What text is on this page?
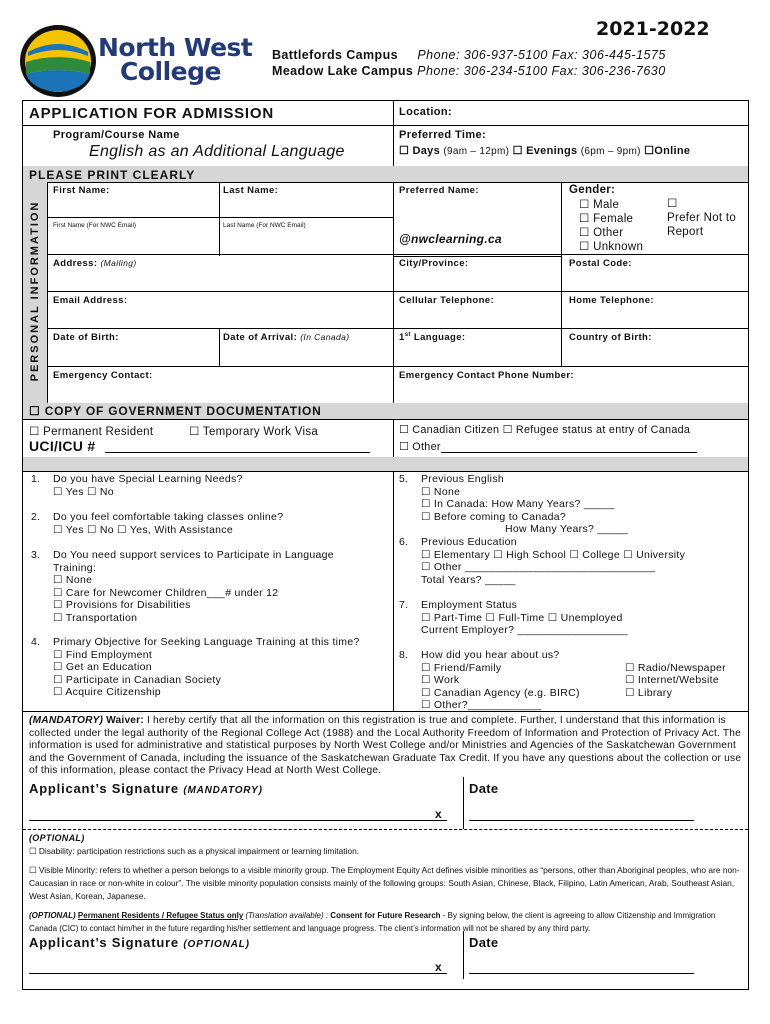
North West
College
2021-2022
Battlefords Campus Phone: 306-937-5100 Fax: 306-445-1575
Meadow Lake Campus Phone: 306-234-5100 Fax: 306-236-7630
APPLICATION FOR ADMISSION	Location:
Program/Course Name
English as an Additional Language
Preferred Time:
☐ Days (9am – 12pm) ☐ Evenings (6pm – 9pm) ☐Online
PLEASE PRINT CLEARLY
PERSONAL INFORMATION
First Name:	Last Name:	Preferred Name:
First Name (For NWC Email)	Last Name (For NWC Email)
@nwclearning.ca
Gender:
☐ Male
☐ Female
☐ Other
☐ Unknown
☐
Prefer Not to
Report
Address: (Mailing)	City/Province:	Postal Code:
Email Address:	Cellular Telephone:	Home Telephone:
Date of Birth:	Date of Arrival: (In Canada)	1st Language:	Country of Birth:
Emergency Contact:	Emergency Contact Phone Number:
☐ COPY OF GOVERNMENT DOCUMENTATION
☐ Permanent Resident	☐ Temporary Work Visa
UCI/ICU #
☐ Canadian Citizen ☐ Refugee status at entry of Canada
☐ Other
1. Do you have Special Learning Needs?
☐ Yes ☐ No
2. Do you feel comfortable taking classes online?
☐ Yes ☐ No ☐ Yes, With Assistance
3. Do You need support services to Participate in Language
Training:
☐ None
☐ Care for Newcomer Children___# under 12
☐ Provisions for Disabilities
☐ Transportation
4. Primary Objective for Seeking Language Training at this time?
☐ Find Employment
☐ Get an Education
☐ Participate in Canadian Society
☐ Acquire Citizenship
5. Previous English
☐ None
☐ In Canada: How Many Years? _____
☐ Before coming to Canada?
How Many Years? _____
6. Previous Education
☐ Elementary ☐ High School ☐ College ☐ University
☐ Other _______________________________
Total Years? _____
7. Employment Status
☐ Part-Time ☐ Full-Time ☐ Unemployed
Current Employer? __________________
8. How did you hear about us?
☐ Friend/Family
☐ Work
☐ Canadian Agency (e.g. BIRC)
☐ Other?____________
☐ Radio/Newspaper
☐ Internet/Website
☐ Library
(MANDATORY) Waiver: I hereby certify that all the information on this registration is true and complete. Further, I understand that this information is collected under the legal authority of the Regional College Act (1988) and the Local Authority Freedom of Information and Protection of Privacy Act. The information is used for administrative and statistical purposes by North West College and/or Ministries and Agencies of the Saskatchewan Government and the Government of Canada, including the issuance of the Saskatchewan Graduate Tax Credit. If you have any questions about the collection or use of this information, please contact the Privacy Head at North West College.
Applicant’s Signature (MANDATORY)	Date
x
(OPTIONAL)
☐ Disability: participation restrictions such as a physical impairment or learning limitation.
☐ Visible Minority: refers to whether a person belongs to a visible minority group. The Employment Equity Act defines visible minorities as “persons, other than Aboriginal peoples, who are non-Caucasian in race or non-white in colour”. The visible minority population consists mainly of the following groups: South Asian, Chinese, Black, Filipino, Latin American, Arab, Southeast Asian, West Asian, Korean, Japanese.
(OPTIONAL) Permanent Residents / Refugee Status only (Translation available) : Consent for Future Research - By signing below, the client is agreeing to allow Citizenship and Immigration Canada (CIC) to contact him/her in the future regarding his/her settlement and language progress. The client’s information will not be shared by any third party.
Applicant’s Signature (OPTIONAL)	Date
x
